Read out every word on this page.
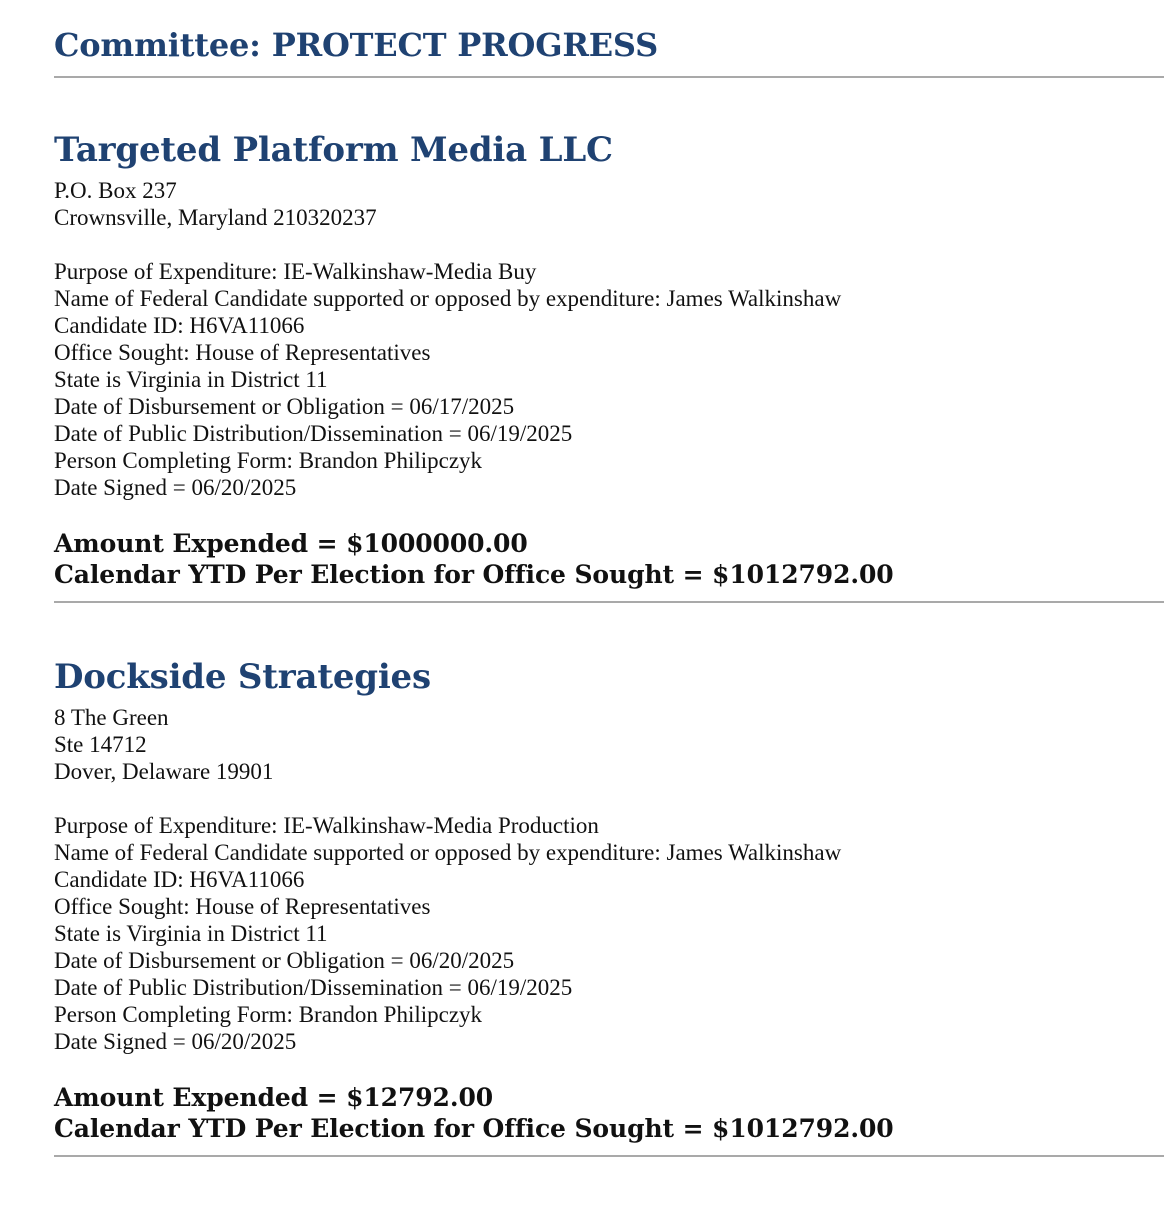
Committee: PROTECT PROGRESS
Targeted Platform Media LLC
P.O. Box 237
Crownsville, Maryland 210320237
Purpose of Expenditure: IE-Walkinshaw-Media Buy
Name of Federal Candidate supported or opposed by expenditure: James Walkinshaw
Candidate ID: H6VA11066
Office Sought: House of Representatives
State is Virginia in District 11
Date of Disbursement or Obligation = 06/17/2025
Date of Public Distribution/Dissemination = 06/19/2025
Person Completing Form: Brandon Philipczyk
Date Signed = 06/20/2025
Amount Expended = $1000000.00
Calendar YTD Per Election for Office Sought = $1012792.00
Dockside Strategies
8 The Green
Ste 14712
Dover, Delaware 19901
Purpose of Expenditure: IE-Walkinshaw-Media Production
Name of Federal Candidate supported or opposed by expenditure: James Walkinshaw
Candidate ID: H6VA11066
Office Sought: House of Representatives
State is Virginia in District 11
Date of Disbursement or Obligation = 06/20/2025
Date of Public Distribution/Dissemination = 06/19/2025
Person Completing Form: Brandon Philipczyk
Date Signed = 06/20/2025
Amount Expended = $12792.00
Calendar YTD Per Election for Office Sought = $1012792.00
